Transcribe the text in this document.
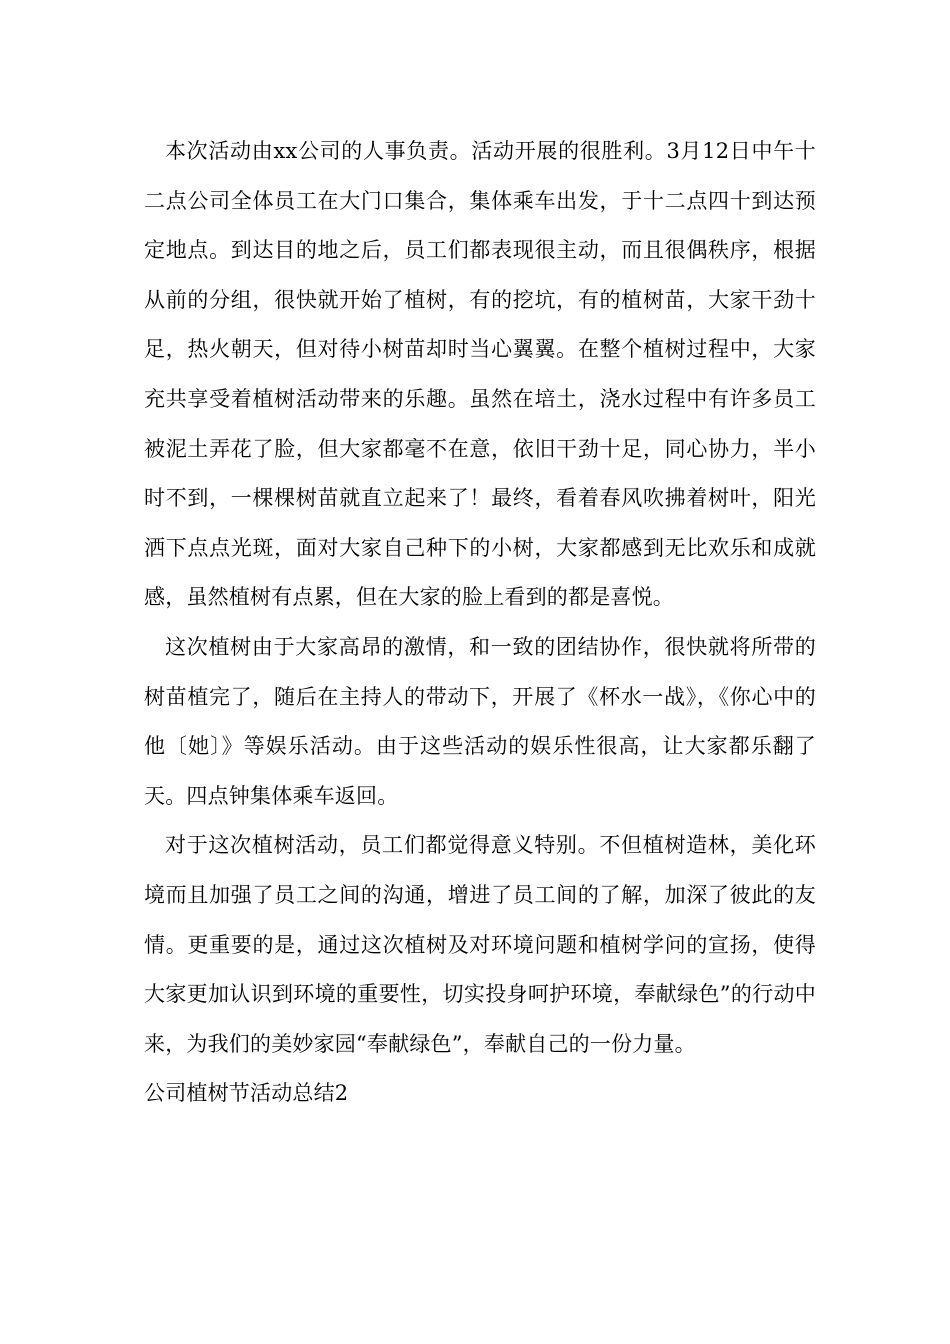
本次活动由xx公司的人事负责。活动开展的很胜利。3月12日中午十二点公司全体员工在大门口集合，集体乘车出发，于十二点四十到达预定地点。到达目的地之后，员工们都表现很主动，而且很偶秩序，根据从前的分组，很快就开始了植树，有的挖坑，有的植树苗，大家干劲十足，热火朝天，但对待小树苗却时当心翼翼。在整个植树过程中，大家充共享受着植树活动带来的乐趣。虽然在培土，浇水过程中有许多员工被泥土弄花了脸，但大家都毫不在意，依旧干劲十足，同心协力，半小时不到，一棵棵树苗就直立起来了！最终，看着春风吹拂着树叶，阳光洒下点点光斑，面对大家自己种下的小树，大家都感到无比欢乐和成就感，虽然植树有点累，但在大家的脸上看到的都是喜悦。

这次植树由于大家高昂的激情，和一致的团结协作，很快就将所带的树苗植完了，随后在主持人的带动下，开展了《杯水一战》，《你心中的他〔她〕》等娱乐活动。由于这些活动的娱乐性很高，让大家都乐翻了天。四点钟集体乘车返回。

对于这次植树活动，员工们都觉得意义特别。不但植树造林，美化环境而且加强了员工之间的沟通，增进了员工间的了解，加深了彼此的友情。更重要的是，通过这次植树及对环境问题和植树学问的宣扬，使得大家更加认识到环境的重要性，切实投身呵护环境，奉献绿色”的行动中来，为我们的美妙家园“奉献绿色”，奉献自己的一份力量。

公司植树节活动总结2
